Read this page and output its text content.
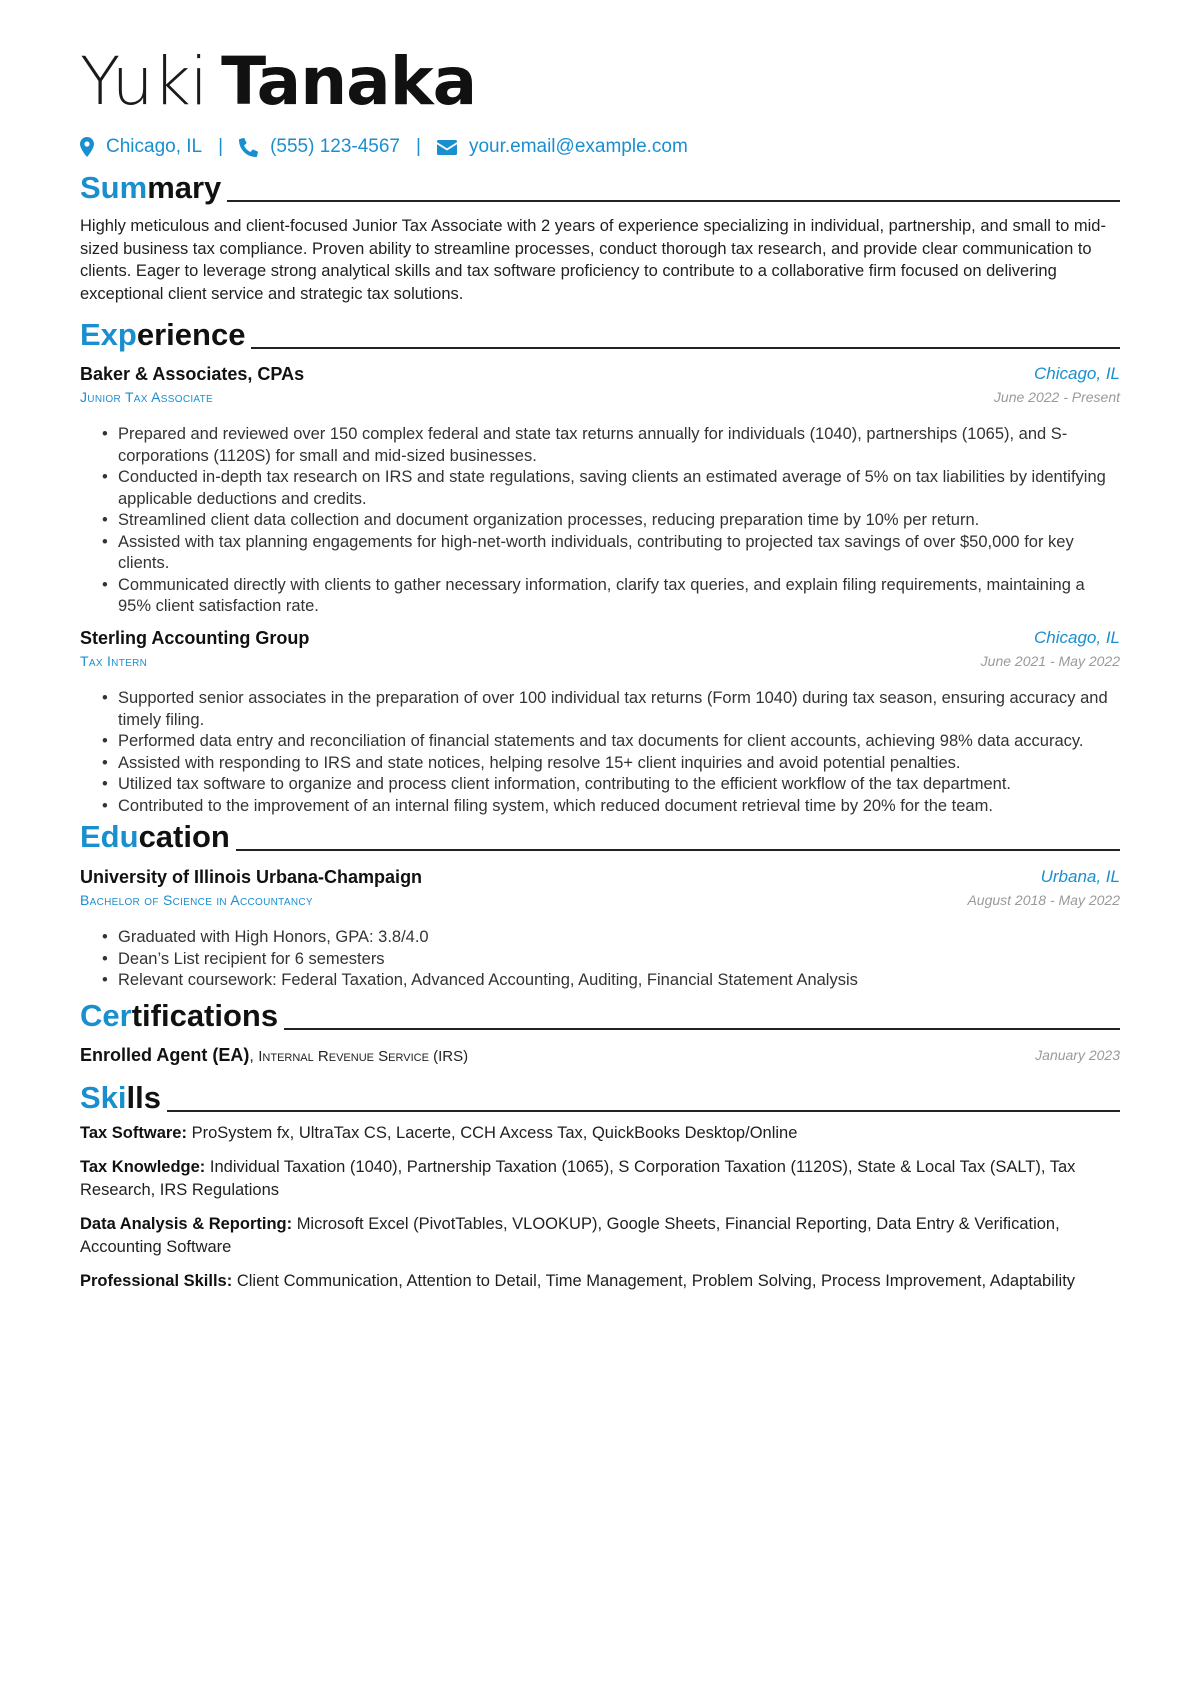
Yuki Tanaka
Chicago, IL | (555) 123-4567 |	your.email@example.com
Summary
Highly meticulous and client-focused Junior Tax Associate with 2 years of experience specializing in individual, partnership, and small to mid-sized business tax compliance. Proven ability to streamline processes, conduct thorough tax research, and provide clear communication to clients. Eager to leverage strong analytical skills and tax software proficiency to contribute to a collaborative firm focused on delivering exceptional client service and strategic tax solutions.
Experience
Baker & Associates, CPAs	Chicago, IL
Junior Tax Associate	June 2022 - Present
• Prepared and reviewed over 150 complex federal and state tax returns annually for individuals (1040), partnerships (1065), and S-corporations (1120S) for small and mid-sized businesses.
• Conducted in-depth tax research on IRS and state regulations, saving clients an estimated average of 5% on tax liabilities by identifying applicable deductions and credits.
• Streamlined client data collection and document organization processes, reducing preparation time by 10% per return.
• Assisted with tax planning engagements for high-net-worth individuals, contributing to projected tax savings of over $50,000 for key clients.
• Communicated directly with clients to gather necessary information, clarify tax queries, and explain filing requirements, maintaining a 95% client satisfaction rate.
Sterling Accounting Group	Chicago, IL
Tax Intern	June 2021 - May 2022
• Supported senior associates in the preparation of over 100 individual tax returns (Form 1040) during tax season, ensuring accuracy and timely filing.
• Performed data entry and reconciliation of financial statements and tax documents for client accounts, achieving 98% data accuracy.
• Assisted with responding to IRS and state notices, helping resolve 15+ client inquiries and avoid potential penalties.
• Utilized tax software to organize and process client information, contributing to the efficient workflow of the tax department.
• Contributed to the improvement of an internal filing system, which reduced document retrieval time by 20% for the team.
Education
University of Illinois Urbana-Champaign	Urbana, IL
Bachelor of Science in Accountancy	August 2018 - May 2022
• Graduated with High Honors, GPA: 3.8/4.0
• Dean’s List recipient for 6 semesters
• Relevant coursework: Federal Taxation, Advanced Accounting, Auditing, Financial Statement Analysis
Certifications
Enrolled Agent (EA), Internal Revenue Service (IRS)	January 2023
Skills
Tax Software: ProSystem fx, UltraTax CS, Lacerte, CCH Axcess Tax, QuickBooks Desktop/Online
Tax Knowledge: Individual Taxation (1040), Partnership Taxation (1065), S Corporation Taxation (1120S), State & Local Tax (SALT), Tax Research, IRS Regulations
Data Analysis & Reporting: Microsoft Excel (PivotTables, VLOOKUP), Google Sheets, Financial Reporting, Data Entry & Verification, Accounting Software
Professional Skills: Client Communication, Attention to Detail, Time Management, Problem Solving, Process Improvement, Adaptability
